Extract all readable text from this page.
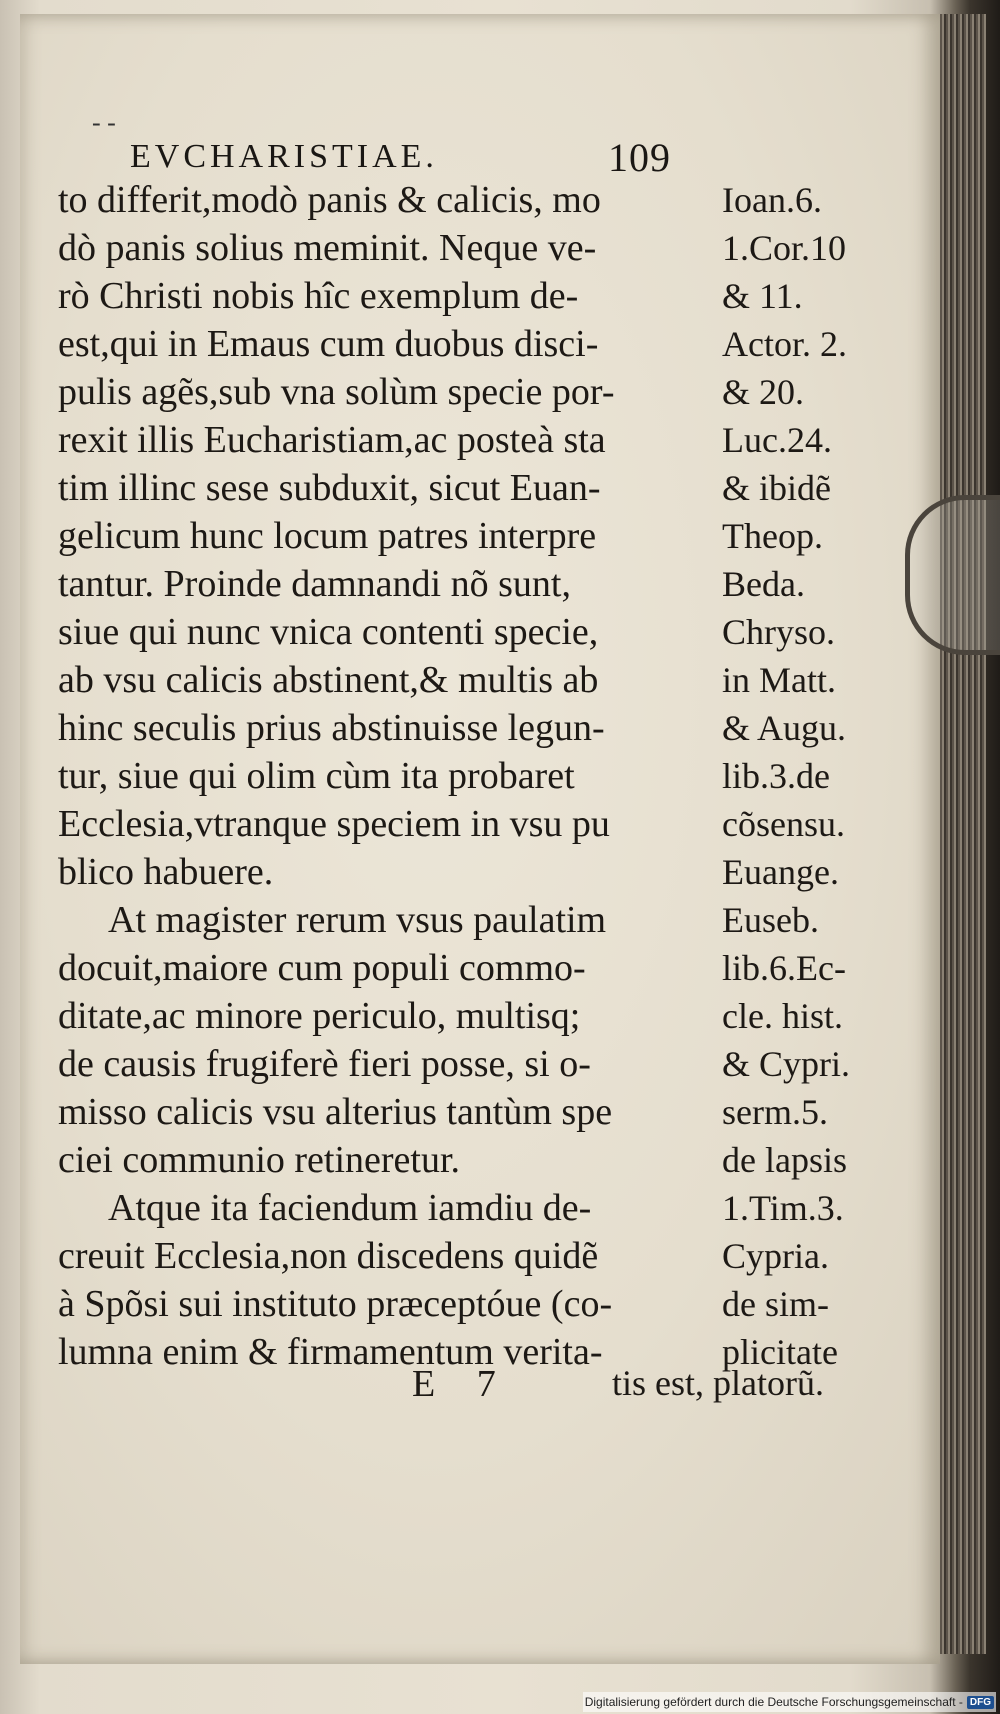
- -
EVCHARISTIAE.	109
to differit,modò panis & calicis, mo
dò panis solius meminit. Neque ve-
rò Christi nobis hîc exemplum de-
est,qui in Emaus cum duobus disci-
pulis agẽs,sub vna solùm specie por-
rexit illis Eucharistiam,ac posteà sta
tim illinc sese subduxit, sicut Euan-
gelicum hunc locum patres interpre
tantur. Proinde damnandi nõ sunt,
siue qui nunc vnica contenti specie,
ab vsu calicis abstinent,& multis ab
hinc seculis prius abstinuisse legun-
tur, siue qui olim cùm ita probaret
Ecclesia,vtranque speciem in vsu pu
blico habuere.
At magister rerum vsus paulatim
docuit,maiore cum populi commo-
ditate,ac minore periculo, multisq;
de causis frugiferè fieri posse, si o-
misso calicis vsu alterius tantùm spe
ciei communio retineretur.
Atque ita faciendum iamdiu de-
creuit Ecclesia,non discedens quidẽ
à Spõsi sui instituto præceptóue (co-
lumna enim & firmamentum verita-
Ioan.6.
1.Cor.10
& 11.
Actor. 2.
& 20.
Luc.24.
& ibidẽ
Theop.
Beda.
Chryso.
in Matt.
& Augu.
lib.3.de
cõsensu.
Euange.
Euseb.
lib.6.Ec-
cle. hist.
& Cypri.
serm.5.
de lapsis
1.Tim.3.
Cypria.
de sim-
plicitate
E 7	tis est, platorũ.
Digitalisierung gefördert durch die Deutsche Forschungsgemeinschaft - DFG
